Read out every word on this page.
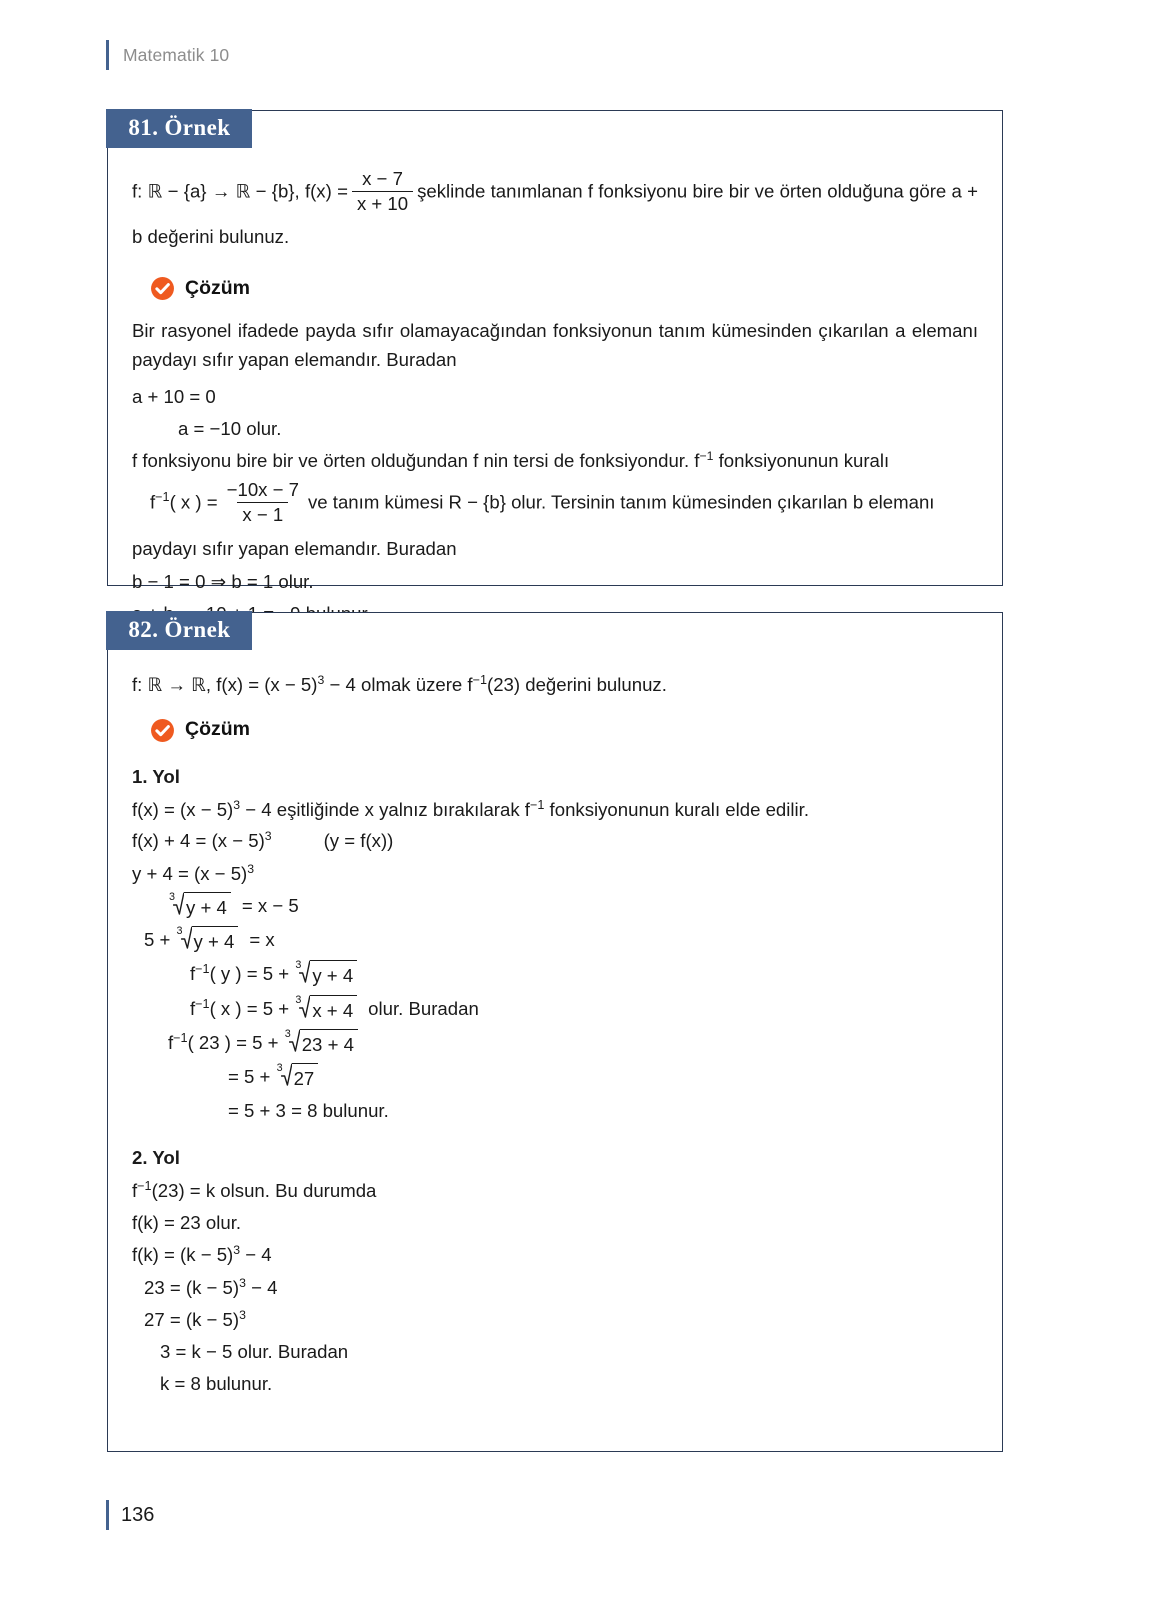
Matematik 10
81. Örnek

f: ℝ − {a} → ℝ − {b}, $f(x) = \frac{x - 7}{x + 10}$ şeklinde tanımlanan f fonksiyonu bire bir ve örten olduğuna göre a + b değerini bulunuz.

Çözüm

Bir rasyonel ifadede payda sıfır olamayacağından fonksiyonun tanım kümesinden çıkarılan a elemanı paydayı sıfır yapan elemandır. Buradan

a + 10 = 0
a = −10 olur.

f fonksiyonu bire bir ve örten olduğundan f nin tersi de fonksiyondur. $f^{-1}$ fonksiyonunun kuralı

$f^{-1}$( x ) = $\frac{-10x - 7}{x - 1}$ ve tanım kümesi R − {b} olur. Tersinin tanım kümesinden çıkarılan b elemanı

paydayı sıfır yapan elemandır. Buradan
b − 1 = 0 ⇒ b = 1 olur.
82. Örnek

f: ℝ → ℝ, $f(x) = (x - 5)^3 - 4$ olmak üzere $f^{-1}(23)$ değerini bulunuz.

Çözüm
1. Yol

$f(x) = (x - 5)^3 - 4$ eşitliğinde x yalnız bırakılarak $f^{-1}$ fonksiyonunun kuralı elde edilir.

$f(x) + 4 = (x - 5)^3$	(y = f(x))
$y + 4 = (x - 5)^3$
3 y + 4 = x − 5
5 + 3 y + 4 = x
$f^{-1}$( y ) = 5 + 3 y + 4
$f^{-1}$( x ) = 5 + 3 x + 4 olur. Buradan
$f^{-1}$( 23 ) = 5 + 3 23 + 4
= 5 + 3 27
= 5 + 3 = 8 bulunur.
2. Yol
$f^{-1}(23) = k$ olsun. Bu durumda
f(k) = 23 olur.
$f(k) = (k - 5)^3 - 4$
$23 = (k - 5)^3 - 4$
$27 = (k - 5)^3$
3 = k − 5 olur. Buradan
k = 8 bulunur.
136
